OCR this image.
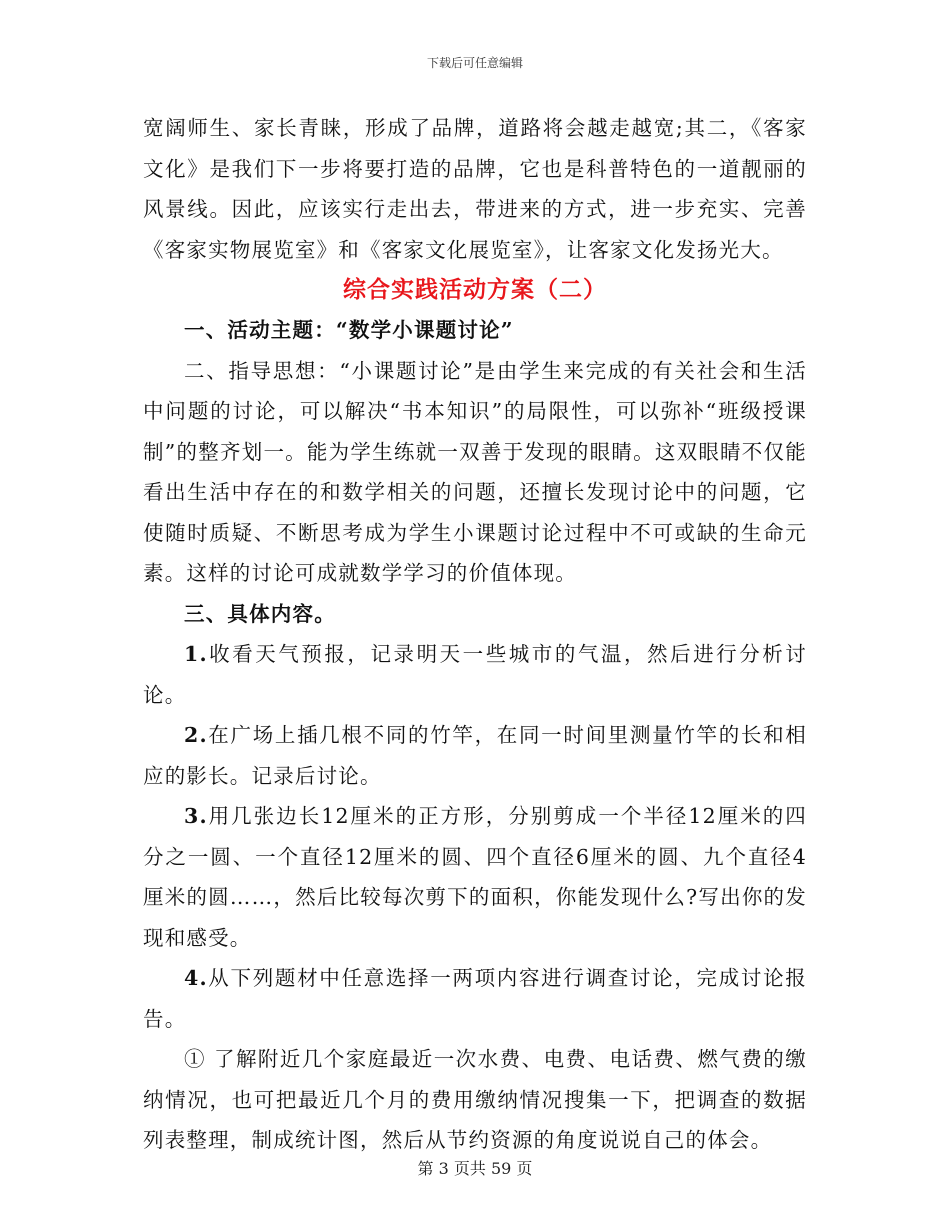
下载后可任意编辑

宽阔师生、家长青睐，形成了品牌，道路将会越走越宽;其二，《客家文化》是我们下一步将要打造的品牌，它也是科普特色的一道靓丽的风景线。因此，应该实行走出去，带进来的方式，进一步充实、完善《客家实物展览室》和《客家文化展览室》，让客家文化发扬光大。

综合实践活动方案（二）

一、活动主题：“数学小课题讨论”

二、指导思想：“小课题讨论”是由学生来完成的有关社会和生活中问题的讨论，可以解决“书本知识”的局限性，可以弥补“班级授课制”的整齐划一。能为学生练就一双善于发现的眼睛。这双眼睛不仅能看出生活中存在的和数学相关的问题，还擅长发现讨论中的问题，它使随时质疑、不断思考成为学生小课题讨论过程中不可或缺的生命元素。这样的讨论可成就数学学习的价值体现。

三、具体内容。

1.收看天气预报，记录明天一些城市的气温，然后进行分析讨论。

2.在广场上插几根不同的竹竿，在同一时间里测量竹竿的长和相应的影长。记录后讨论。

3.用几张边长12厘米的正方形，分别剪成一个半径12厘米的四分之一圆、一个直径12厘米的圆、四个直径6厘米的圆、九个直径4厘米的圆……，然后比较每次剪下的面积，你能发现什么?写出你的发现和感受。

4.从下列题材中任意选择一两项内容进行调查讨论，完成讨论报告。

① 了解附近几个家庭最近一次水费、电费、电话费、燃气费的缴纳情况，也可把最近几个月的费用缴纳情况搜集一下，把调查的数据列表整理，制成统计图，然后从节约资源的角度说说自己的体会。

第 3 页共 59 页
